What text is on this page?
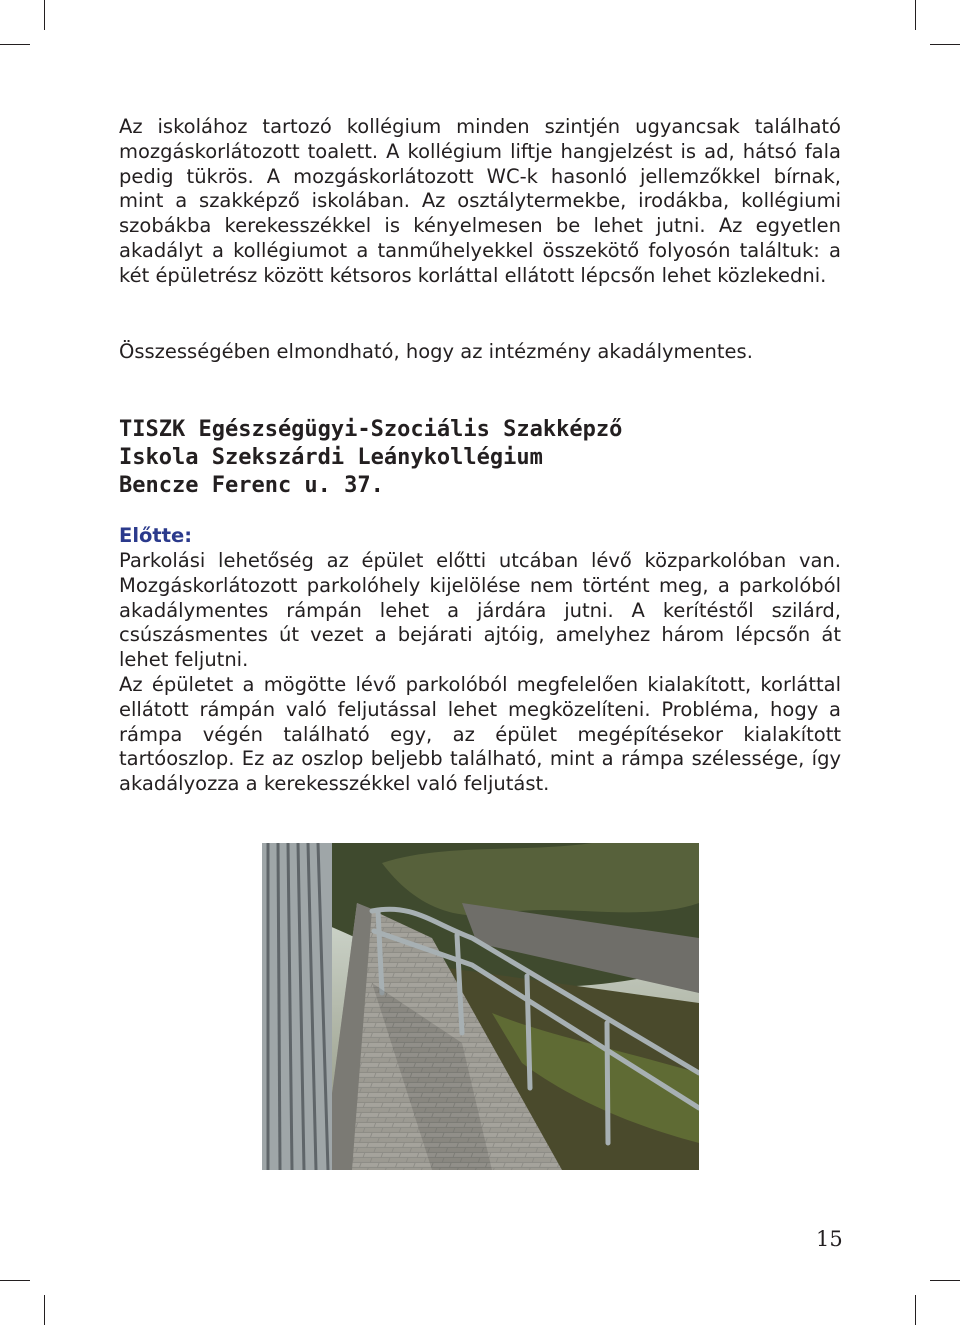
Az iskolához tartozó kollégium minden szintjén ugyancsak található mozgáskorlátozott toalett. A kollégium liftje hangjelzést is ad, hátsó fala pedig tükrös. A mozgáskorlátozott WC-k hasonló jellemzőkkel bírnak, mint a szakképző iskolában. Az osztálytermekbe, irodákba, kollégiumi szobákba kerekesszékkel is kényelmesen be lehet jutni. Az egyetlen akadályt a kollégiumot a tanműhelyekkel összekötő folyosón találtuk: a két épületrész között kétsoros korláttal ellátott lépcsőn lehet közlekedni.

Összességében elmondható, hogy az intézmény akadálymentes.

TISZK Egészségügyi-Szociális Szakképző

Iskola Szekszárdi Leánykollégium

Bencze Ferenc u. 37.

Előtte:

Parkolási lehetőség az épület előtti utcában lévő közparkolóban van. Mozgáskorlátozott parkolóhely kijelölése nem történt meg, a parkolóból akadálymentes rámpán lehet a járdára jutni. A kerítéstől szilárd, csúszásmentes út vezet a bejárati ajtóig, amelyhez három lépcsőn át lehet feljutni.

Az épületet a mögötte lévő parkolóból megfelelően kialakított, korláttal ellátott rámpán való feljutással lehet megközelíteni. Probléma, hogy a rámpa végén található egy, az épület megépítésekor kialakított tartóoszlop. Ez az oszlop beljebb található, mint a rámpa szélessége, így akadályozza a kerekesszékkel való feljutást.

15
